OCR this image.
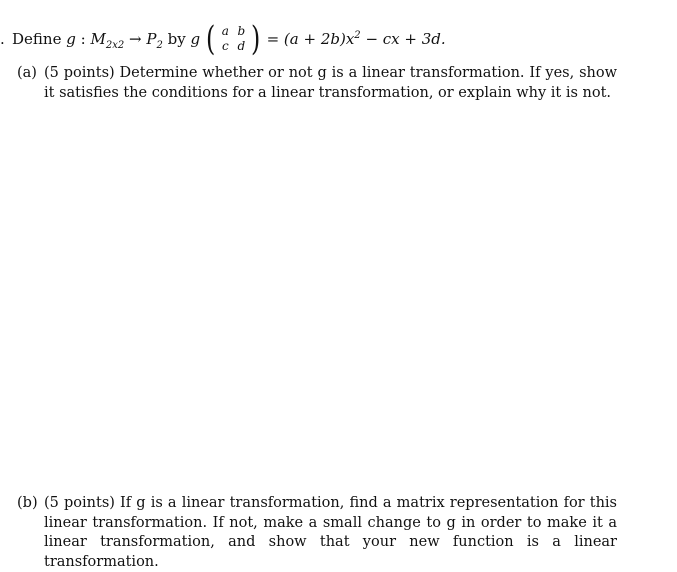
. Define
g
:
$M_{2x2}$
→
$P_2$
by
g ( a b
c d ) = $(a + 2b)x^2$ − cx + 3d.
(a) (5 points) Determine whether or not g is a linear transformation. If yes, show it satisfies the conditions for a linear transformation, or explain why it is not.
(b) (5 points) If g is a linear transformation, find a matrix representation for this linear transformation. If not, make a small change to g in order to make it a linear transformation, and show that your new function is a linear transformation.
